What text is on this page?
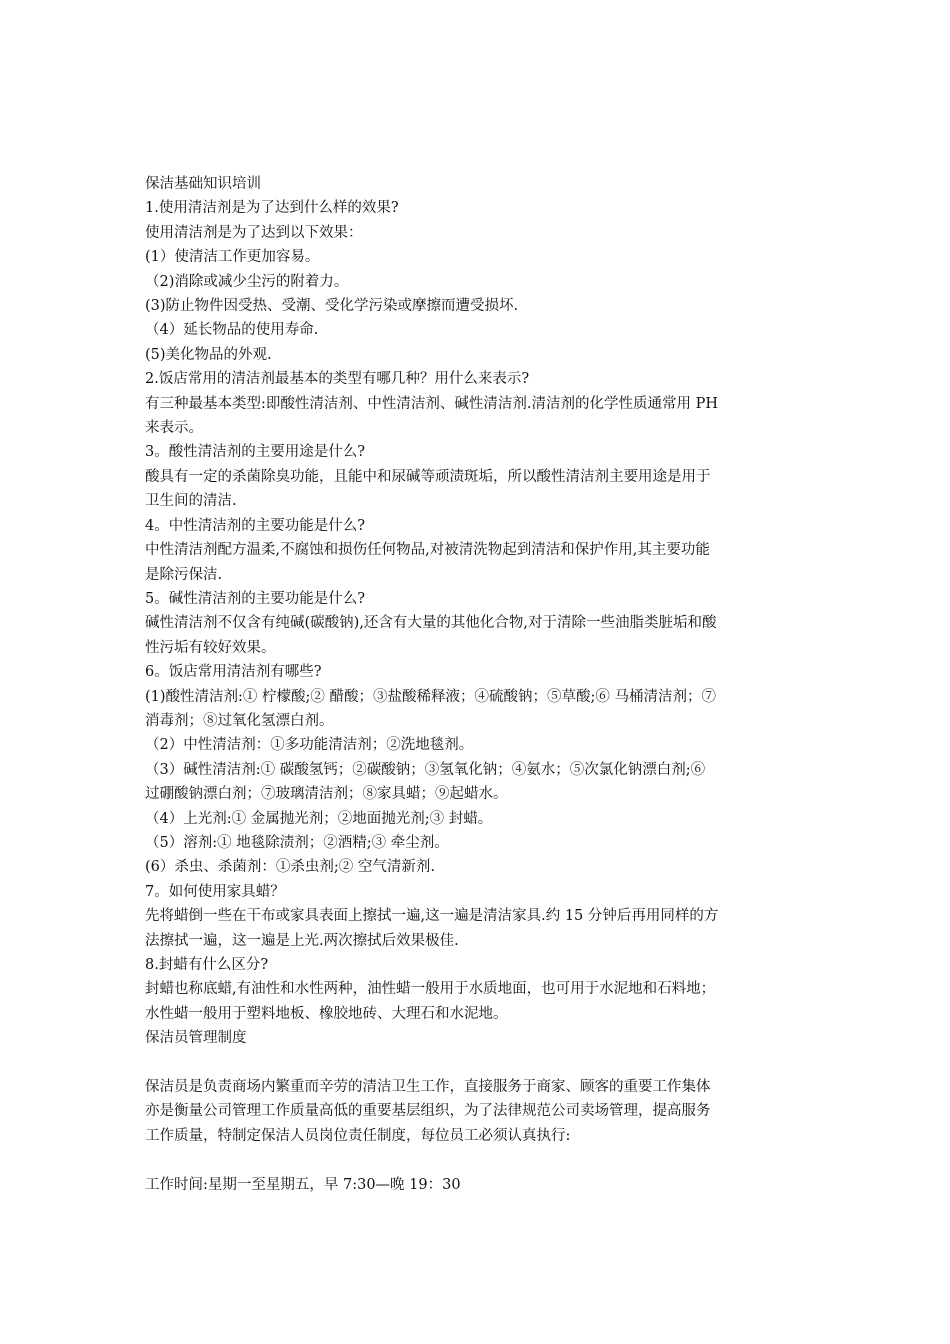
保洁基础知识培训
1.使用清洁剂是为了达到什么样的效果?
使用清洁剂是为了达到以下效果：
(1）使清洁工作更加容易。
（2)消除或减少尘污的附着力。
(3)防止物件因受热、受潮、受化学污染或摩擦而遭受损坏.
（4）延长物品的使用寿命.
(5)美化物品的外观.
2.饭店常用的清洁剂最基本的类型有哪几种？用什么来表示?
有三种最基本类型:即酸性清洁剂、中性清洁剂、碱性清洁剂.清洁剂的化学性质通常用 PH
来表示。
3。酸性清洁剂的主要用途是什么?
酸具有一定的杀菌除臭功能，且能中和尿碱等顽渍斑垢，所以酸性清洁剂主要用途是用于
卫生间的清洁.
4。中性清洁剂的主要功能是什么?
中性清洁剂配方温柔,不腐蚀和损伤任何物品,对被清洗物起到清洁和保护作用,其主要功能
是除污保洁.
5。碱性清洁剂的主要功能是什么?
碱性清洁剂不仅含有纯碱(碳酸钠),还含有大量的其他化合物,对于清除一些油脂类脏垢和酸
性污垢有较好效果。
6。饭店常用清洁剂有哪些?
(1)酸性清洁剂:① 柠檬酸;② 醋酸；③盐酸稀释液；④硫酸钠；⑤草酸;⑥ 马桶清洁剂；⑦
消毒剂；⑧过氧化氢漂白剂。
（2）中性清洁剂：①多功能清洁剂；②洗地毯剂。
（3）碱性清洁剂:① 碳酸氢钙；②碳酸钠；③氢氧化钠；④氨水；⑤次氯化钠漂白剂;⑥
过硼酸钠漂白剂；⑦玻璃清洁剂；⑧家具蜡；⑨起蜡水。
（4）上光剂:① 金属抛光剂；②地面抛光剂;③ 封蜡。
（5）溶剂:① 地毯除渍剂；②酒精;③ 牵尘剂。
(6）杀虫、杀菌剂：①杀虫剂;② 空气清新剂.
7。如何使用家具蜡？
先将蜡倒一些在干布或家具表面上擦拭一遍,这一遍是清洁家具.约 15 分钟后再用同样的方
法擦拭一遍，这一遍是上光.两次擦拭后效果极佳.
8.封蜡有什么区分?
封蜡也称底蜡,有油性和水性两种，油性蜡一般用于水质地面，也可用于水泥地和石料地；
水性蜡一般用于塑料地板、橡胶地砖、大理石和水泥地。
保洁员管理制度
保洁员是负责商场内繁重而辛劳的清洁卫生工作，直接服务于商家、顾客的重要工作集体
亦是衡量公司管理工作质量高低的重要基层组织，为了法律规范公司卖场管理，提高服务
工作质量，特制定保洁人员岗位责任制度，每位员工必须认真执行:
工作时间:星期一至星期五，早 7:30—晚 19：30
